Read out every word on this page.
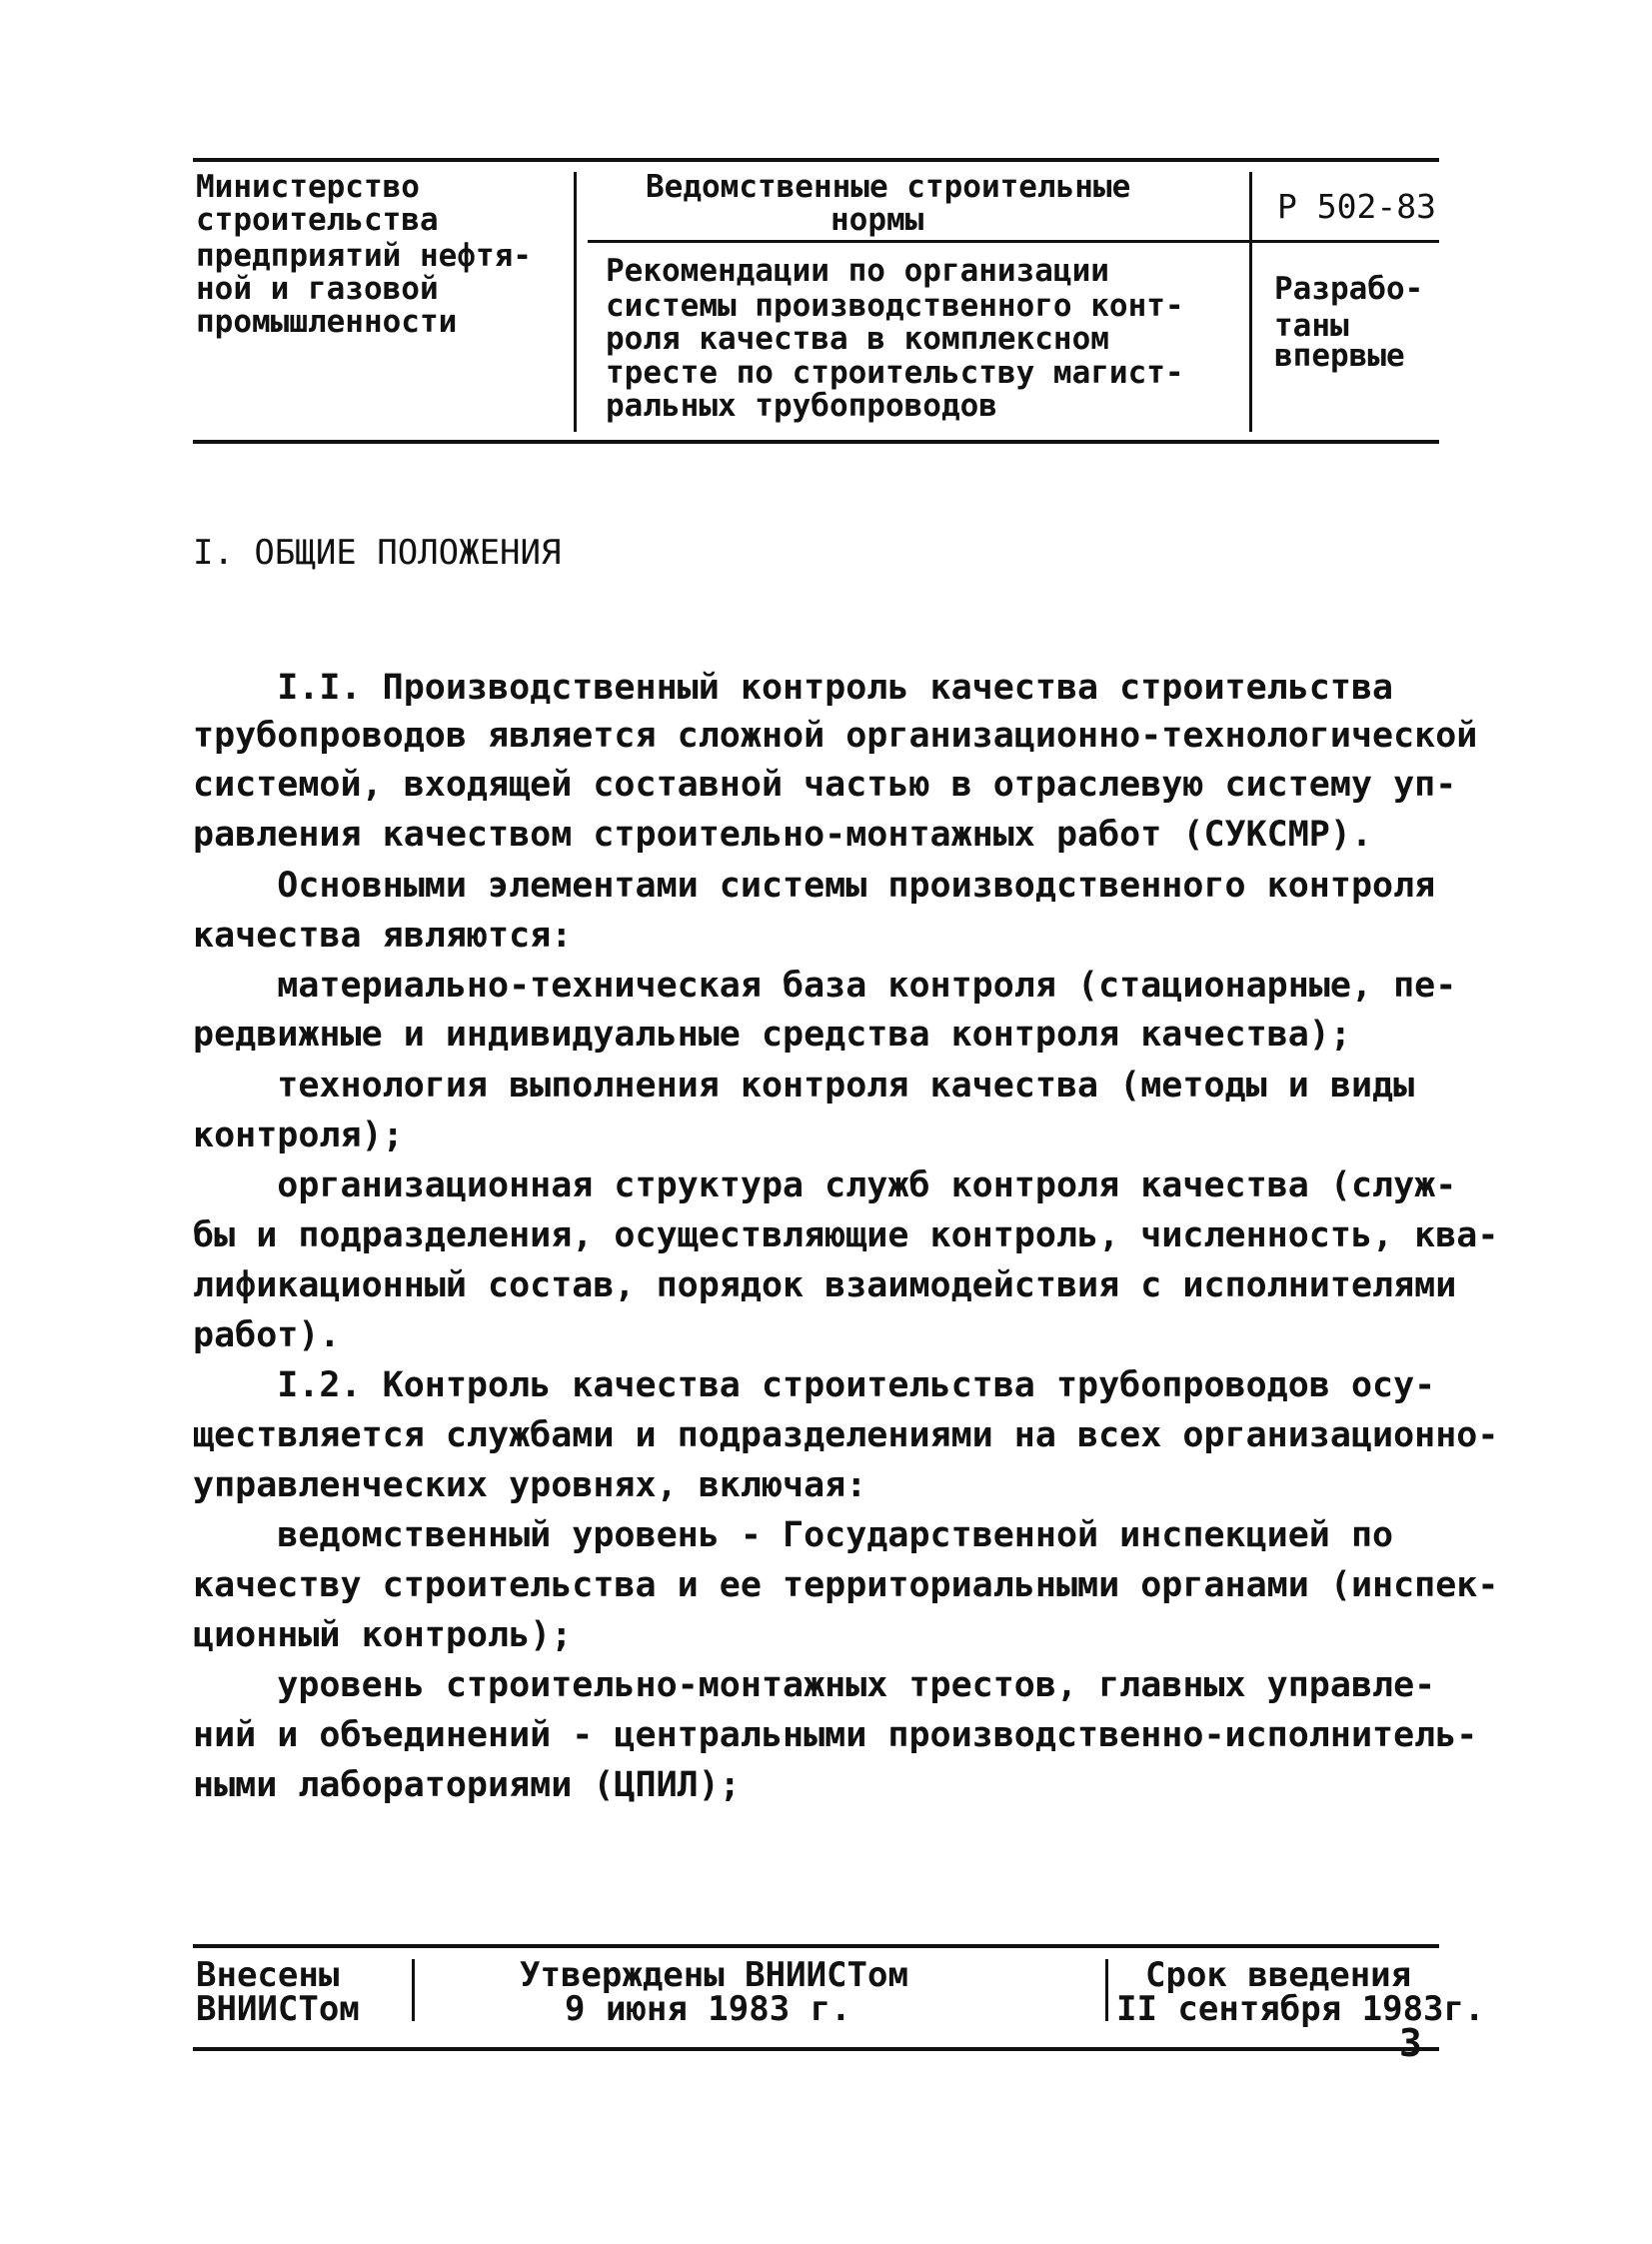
Министерство
строительства
предприятий нефтя-
ной и газовой
промышленности
Ведомственные строительные
нормы	Р 502-83
Рекомендации по организации
системы производственного конт-
роля качества в комплексном
тресте по строительству магист-
ральных трубопроводов
Разрабо-
таны
впервые
I. ОБЩИЕ ПОЛОЖЕНИЯ
I.I. Производственный контроль качества строительства
трубопроводов является сложной организационно-технологической
системой, входящей составной частью в отраслевую систему уп-
равления качеством строительно-монтажных работ (СУКСМР).
Основными элементами системы производственного контроля
качества являются:
материально-техническая база контроля (стационарные, пе-
редвижные и индивидуальные средства контроля качества);
технология выполнения контроля качества (методы и виды
контроля);
организационная структура служб контроля качества (служ-
бы и подразделения, осуществляющие контроль, численность, ква-
лификационный состав, порядок взаимодействия с исполнителями
работ).
I.2. Контроль качества строительства трубопроводов осу-
ществляется службами и подразделениями на всех организационно-
управленческих уровнях, включая:
ведомственный уровень - Государственной инспекцией по
качеству строительства и ее территориальными органами (инспек-
ционный контроль);
уровень строительно-монтажных трестов, главных управле-
ний и объединений - центральными производственно-исполнитель-
ными лабораториями (ЦПИЛ);
Внесены
ВНИИСТом
Утверждены ВНИИСТом
9 июня 1983 г.
Срок введения
II сентября 1983г.
3
